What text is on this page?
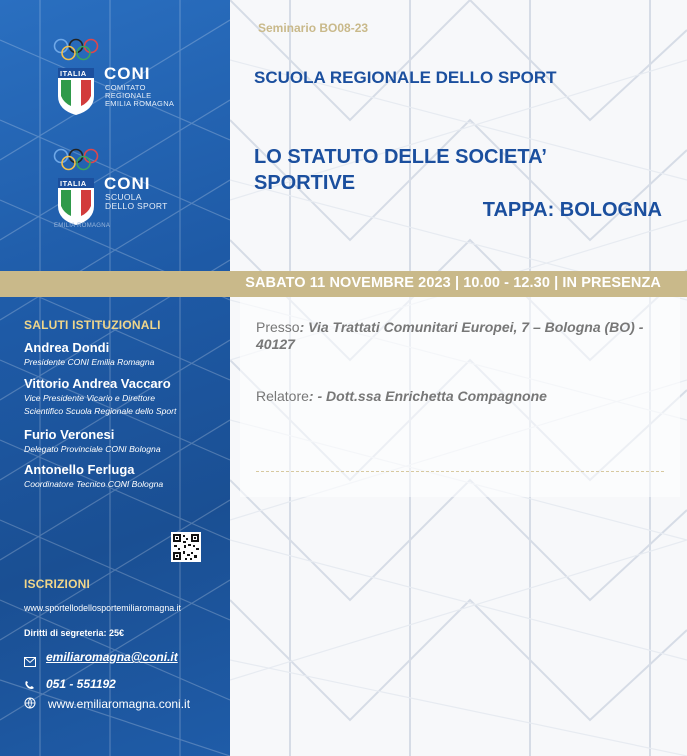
ITALIA CONI
COMITATO
REGIONALE
EMILIA ROMAGNA
ITALIA CONI
SCUOLA
DELLO SPORT
EMILIA ROMAGNA
SALUTI ISTITUZIONALI
Andrea Dondi
Presidente CONI Emilia Romagna
Vittorio Andrea Vaccaro
Vice Presidente Vicario e Direttore
Scientifico Scuola Regionale dello Sport
Furio Veronesi
Delegato Provinciale CONI Bologna
Antonello Ferluga
Coordinatore Tecnico CONI Bologna
ISCRIZIONI
www.sportellodellosportemiliaromagna.it
Diritti di segreteria: 25€
emiliaromagna@coni.it
051 - 551192
www.emiliaromagna.coni.it
Seminario BO08-23
SCUOLA REGIONALE DELLO SPORT
LO STATUTO DELLE SOCIETA’
SPORTIVE
TAPPA: BOLOGNA
SABATO 11 NOVEMBRE 2023 | 10.00 - 12.30 | IN PRESENZA
Presso: Via Trattati Comunitari Europei, 7 – Bologna (BO) - 40127
Relatore: - Dott.ssa Enrichetta Compagnone
